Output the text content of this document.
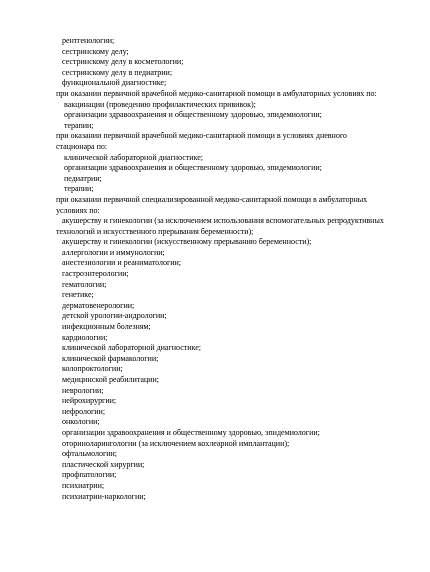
рентгенологии;
сестринскому делу;
сестринскому делу в косметологии;
сестринскому делу в педиатрии;
функциональной диагностике;
при оказании первичной врачебной медико-санитарной помощи в амбулаторных условиях по:
вакцинации (проведению профилактических прививок);
организации здравоохранения и общественному здоровью, эпидемиологии;
терапии;
при оказании первичной врачебной медико-санитарной помощи в условиях дневного
стационара по:
клинической лабораторной диагностике;
организации здравоохранения и общественному здоровью, эпидемиологии;
педиатрии;
терапии;
при оказании первичной специализированной медико-санитарной помощи в амбулаторных
условиях по:
акушерству и гинекологии (за исключением использования вспомогательных репродуктивных
технологий и искусственного прерывания беременности);
акушерству и гинекологии (искусственному прерыванию беременности);
аллергологии и иммунологии;
анестезиологии и реаниматологии;
гастроэнтерологии;
гематологии;
генетике;
дерматовенерологии;
детской урологии-андрологии;
инфекционным болезням;
кардиологии;
клинической лабораторной диагностике;
клинической фармакологии;
колопроктологии;
медицинской реабилитации;
неврологии;
нейрохирургии;
нефрологии;
онкологии;
организации здравоохранения и общественному здоровью, эпидемиологии;
оториноларингологии (за исключением кохлеарной имплантации);
офтальмологии;
пластической хирургии;
профпатологии;
психиатрии;
психиатрии-наркологии;
